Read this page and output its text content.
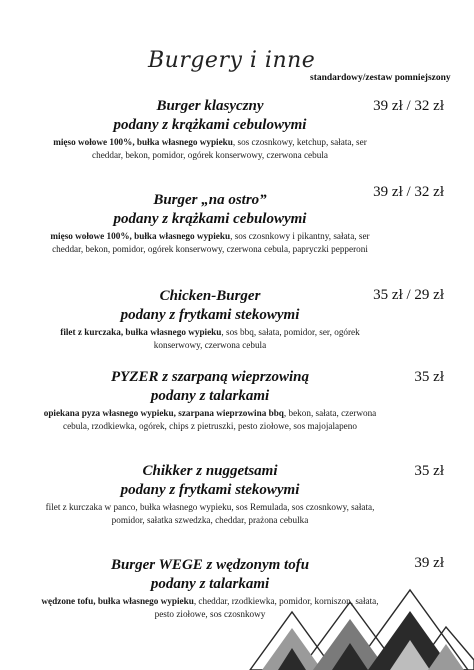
Burgery i inne
standardowy/zestaw pomniejszony
Burger klasyczny
podany z krążkami cebulowymi
mięso wołowe 100%, bułka własnego wypieku, sos czosnkowy, ketchup, sałata, ser cheddar, bekon, pomidor, ogórek konserwowy, czerwona cebula
39 zł / 32 zł
Burger „na ostro”
podany z krążkami cebulowymi
mięso wołowe 100%, bułka własnego wypieku, sos czosnkowy i pikantny, sałata, ser cheddar, bekon, pomidor, ogórek konserwowy, czerwona cebula, papryczki pepperoni
39 zł / 32 zł
Chicken-Burger
podany z frytkami stekowymi
filet z kurczaka, bułka własnego wypieku, sos bbq, sałata, pomidor, ser, ogórek konserwowy, czerwona cebula
35 zł / 29 zł
PYZER z szarpaną wieprzowiną
podany z talarkami
opiekana pyza własnego wypieku, szarpana wieprzowina bbq, bekon, sałata, czerwona cebula, rzodkiewka, ogórek, chips z pietruszki, pesto ziołowe, sos majojalapeno
35 zł
Chikker z nuggetsami
podany z frytkami stekowymi
filet z kurczaka w panco, bułka własnego wypieku, sos Remulada, sos czosnkowy, sałata, pomidor, sałatka szwedzka, cheddar, prażona cebulka
35 zł
Burger WEGE z wędzonym tofu
podany z talarkami
wędzone tofu, bułka własnego wypieku, cheddar, rzodkiewka, pomidor, korniszon, sałata, pesto ziołowe, sos czosnkowy
39 zł
